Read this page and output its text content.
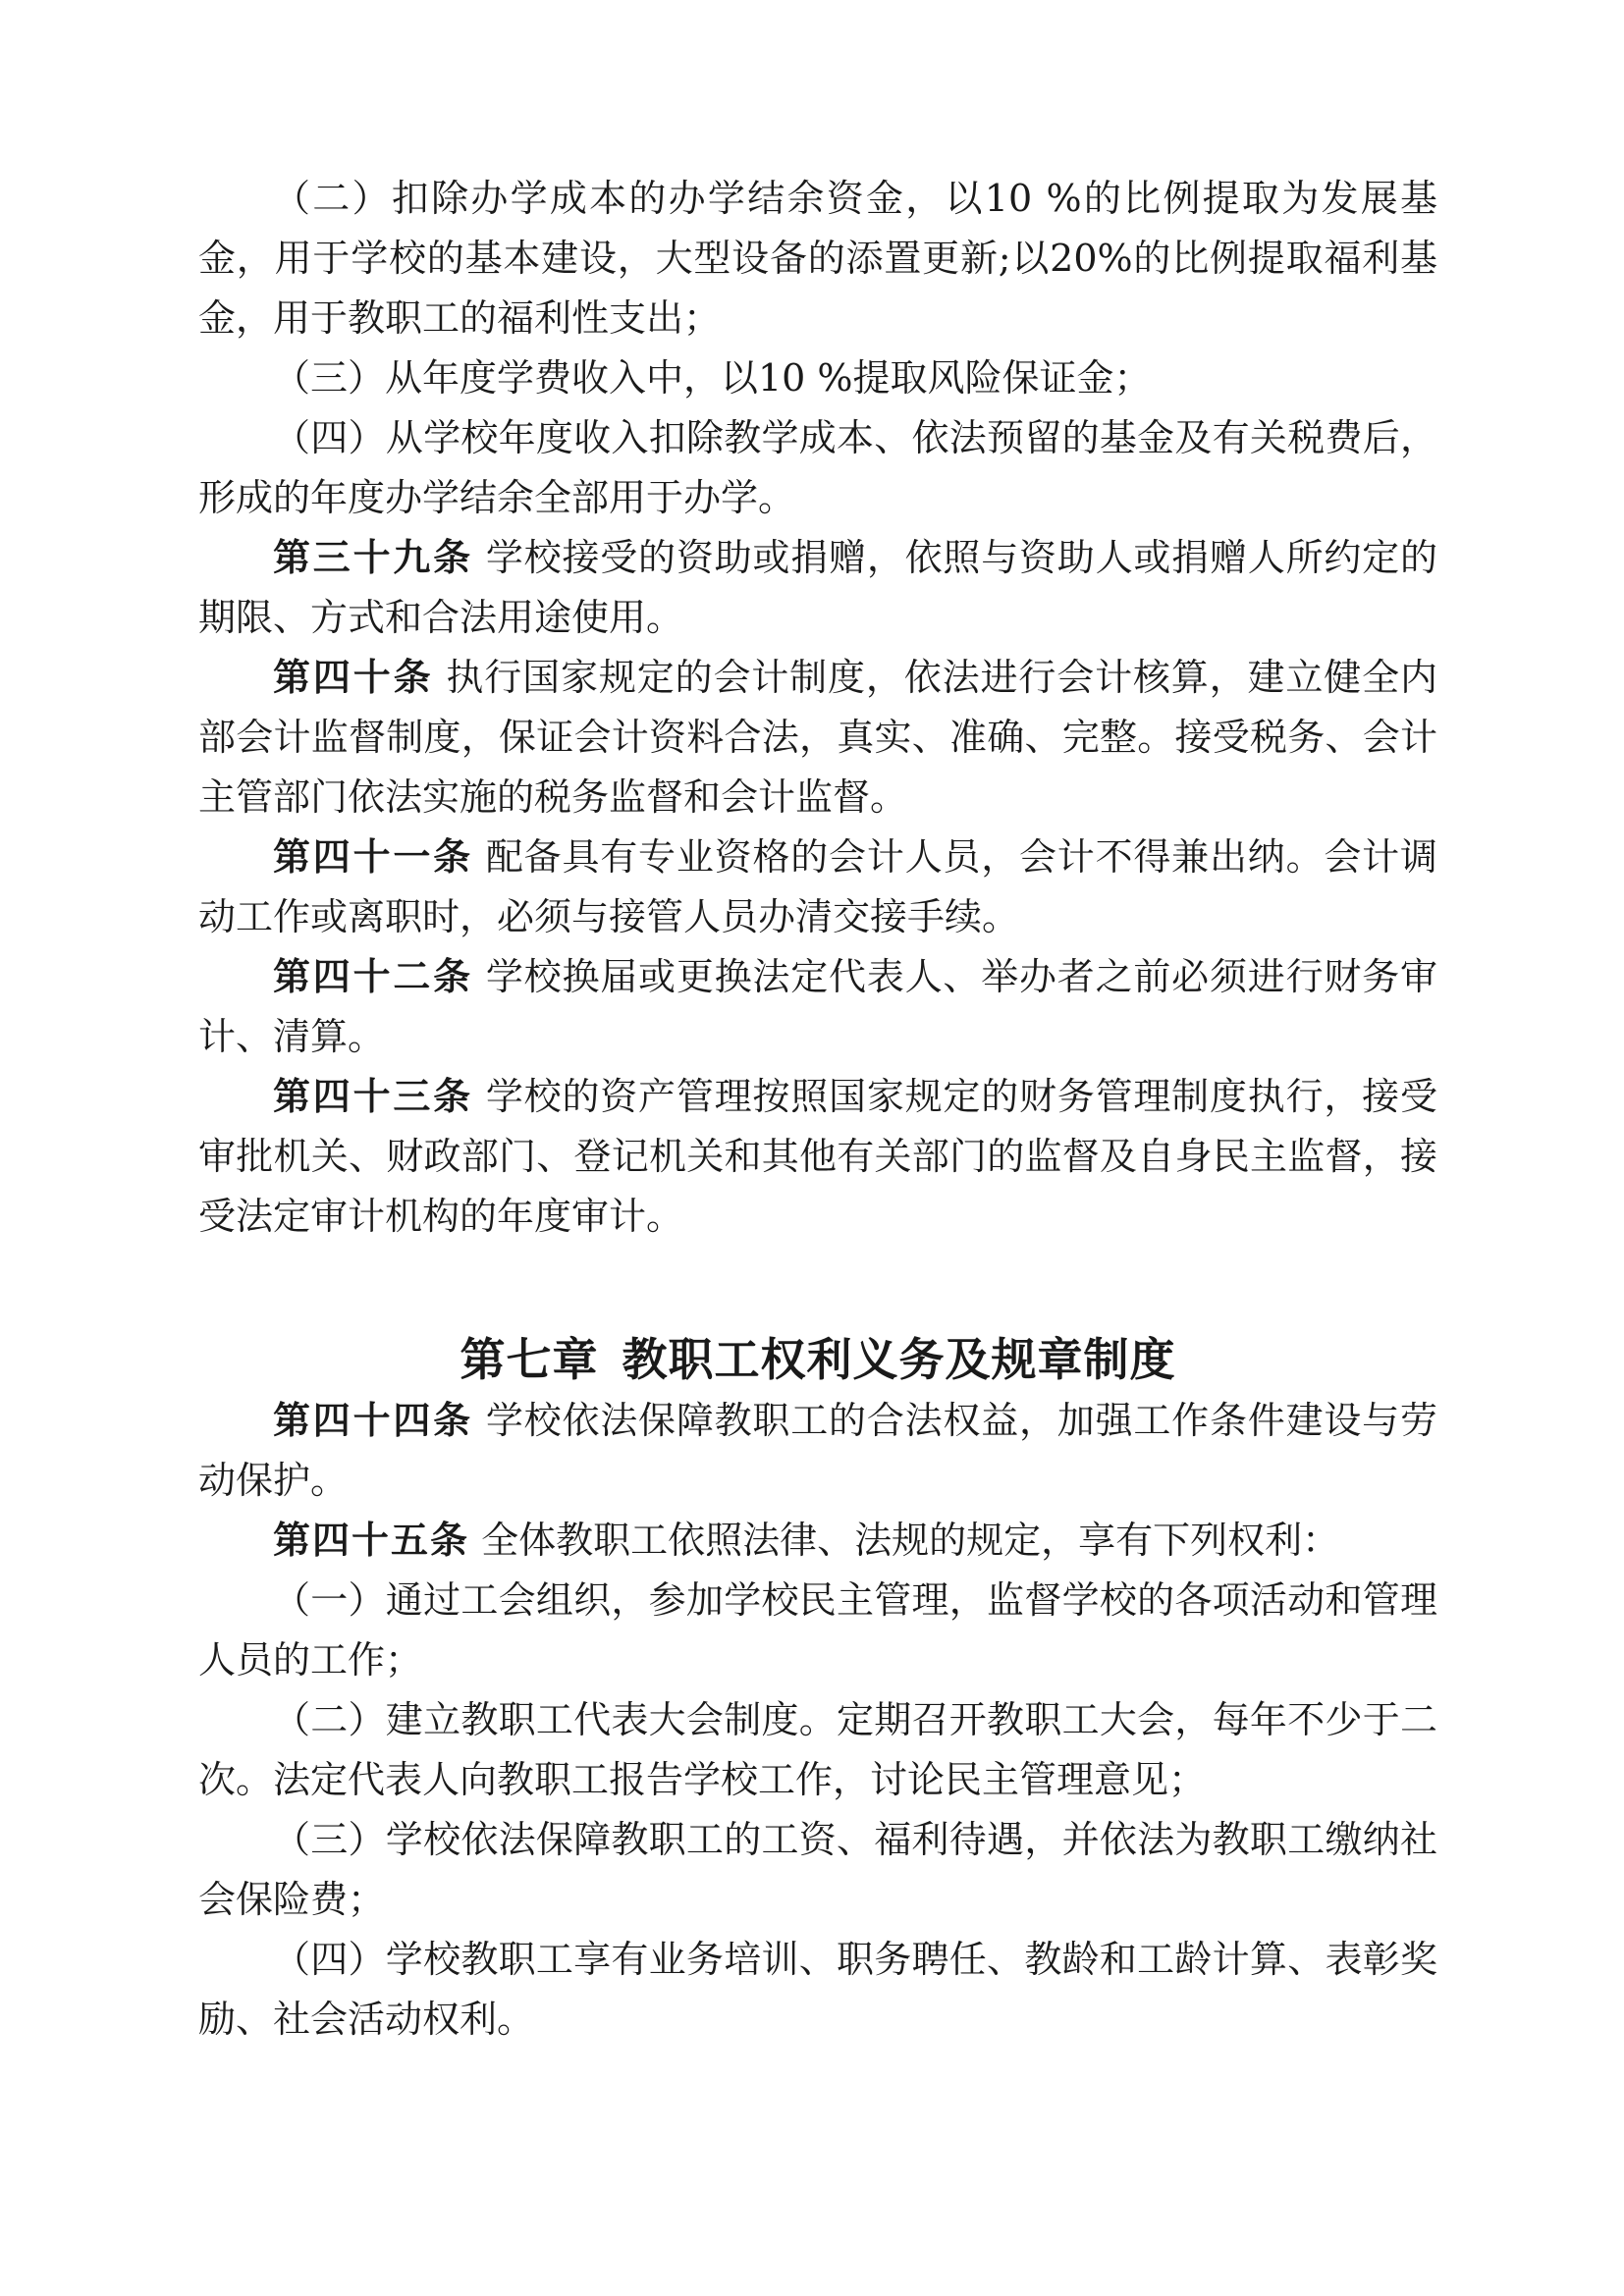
（二）扣除办学成本的办学结余资金，以10 %的比例提取为发展基金，用于学校的基本建设，大型设备的添置更新;以20%的比例提取福利基金，用于教职工的福利性支出；

（三）从年度学费收入中，以10 %提取风险保证金；

（四）从学校年度收入扣除教学成本、依法预留的基金及有关税费后，形成的年度办学结余全部用于办学。

第三十九条 学校接受的资助或捐赠，依照与资助人或捐赠人所约定的期限、方式和合法用途使用。

第四十条 执行国家规定的会计制度，依法进行会计核算，建立健全内部会计监督制度，保证会计资料合法，真实、准确、完整。接受税务、会计主管部门依法实施的税务监督和会计监督。

第四十一条 配备具有专业资格的会计人员，会计不得兼出纳。会计调动工作或离职时，必须与接管人员办清交接手续。

第四十二条 学校换届或更换法定代表人、举办者之前必须进行财务审计、清算。

第四十三条 学校的资产管理按照国家规定的财务管理制度执行，接受审批机关、财政部门、登记机关和其他有关部门的监督及自身民主监督，接受法定审计机构的年度审计。

第七章 教职工权利义务及规章制度

第四十四条 学校依法保障教职工的合法权益，加强工作条件建设与劳动保护。

第四十五条 全体教职工依照法律、法规的规定，享有下列权利：

（一）通过工会组织，参加学校民主管理，监督学校的各项活动和管理人员的工作；

（二）建立教职工代表大会制度。定期召开教职工大会，每年不少于二次。法定代表人向教职工报告学校工作，讨论民主管理意见；

（三）学校依法保障教职工的工资、福利待遇，并依法为教职工缴纳社会保险费；

（四）学校教职工享有业务培训、职务聘任、教龄和工龄计算、表彰奖励、社会活动权利。
